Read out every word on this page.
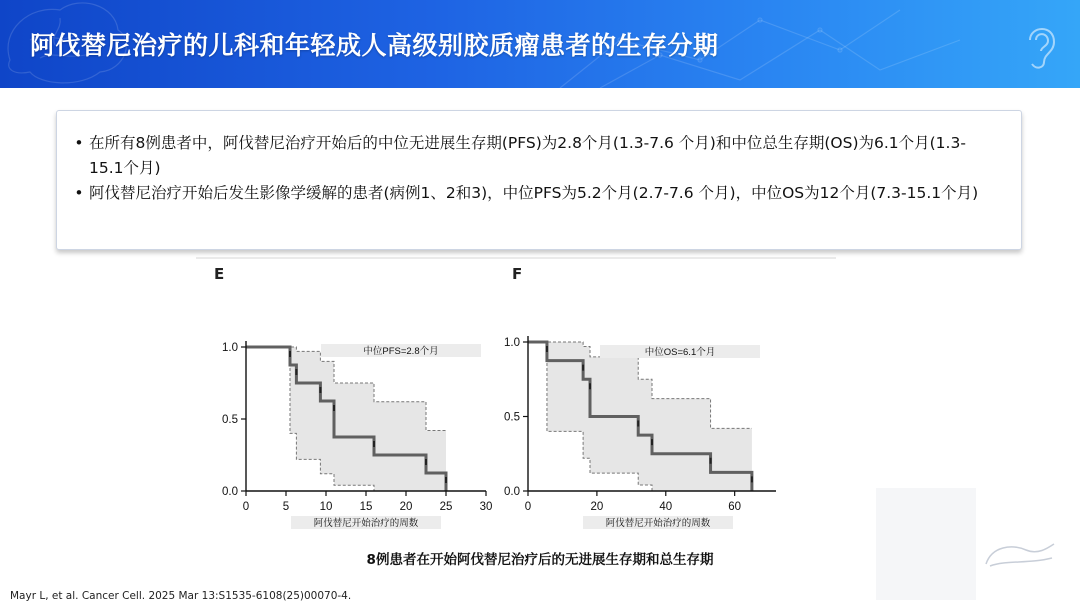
阿伐替尼治疗的儿科和年轻成人高级别胶质瘤患者的生存分期
• 在所有8例患者中，阿伐替尼治疗开始后的中位无进展生存期(PFS)为2.8个月(1.3-7.6 个月)和中位总生存期(OS)为6.1个月(1.3-15.1个月)
• 阿伐替尼治疗开始后发生影像学缓解的患者(病例1、2和3)，中位PFS为5.2个月(2.7-7.6 个月)，中位OS为12个月(7.3-15.1个月)
E	F
0.0
0.5
1.0
0	5	10 15 20 25 30
中位PFS=2.8个月
阿伐替尼开始治疗的周数
0.0
0.5
1.0
0	20	40	60
中位OS=6.1个月
阿伐替尼开始治疗的周数
8例患者在开始阿伐替尼治疗后的无进展生存期和总生存期
Mayr L, et al. Cancer Cell. 2025 Mar 13:S1535-6108(25)00070-4.
